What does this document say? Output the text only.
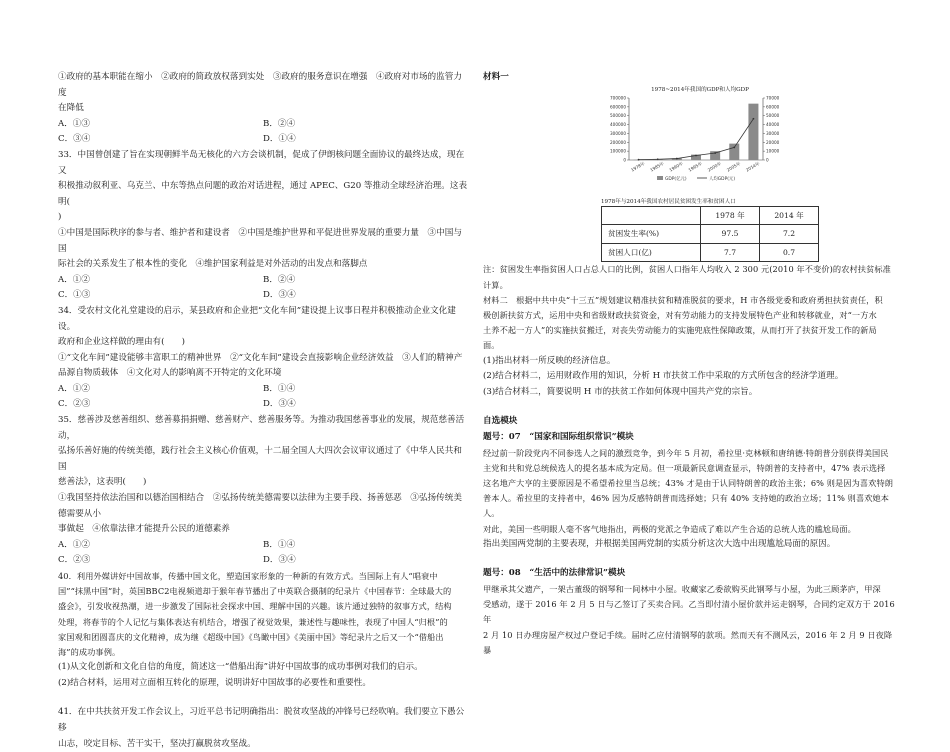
①政府的基本职能在缩小　②政府的简政放权落到实处　③政府的服务意识在增强　④政府对市场的监管力度

在降低

A．①③	B．②④
C．③④	D．①④

33．中国曾创建了旨在实现朝鲜半岛无核化的六方会谈机制，促成了伊朗核问题全面协议的最终达成，现在又

积极推动叙利亚、乌克兰、中东等热点问题的政治对话进程，通过 APEC、G20 等推动全球经济治理。这表明(

)

①中国是国际秩序的参与者、维护者和建设者　②中国是维护世界和平促进世界发展的重要力量　③中国与国

际社会的关系发生了根本性的变化　④维护国家利益是对外活动的出发点和落脚点

A．①②	B．②④
C．①③	D．③④

34．受农村文化礼堂建设的启示，某县政府和企业把“文化车间”建设提上议事日程并积极推动企业文化建设。

政府和企业这样做的理由有(　　)

①“文化车间”建设能够丰富职工的精神世界　②“文化车间”建设会直接影响企业经济效益　③人们的精神产

品源自物质载体　④文化对人的影响离不开特定的文化环境

A．①②	B．①④
C．②③	D．③④

35．慈善涉及慈善组织、慈善募捐捐赠、慈善财产、慈善服务等。为推动我国慈善事业的发展，规范慈善活动，

弘扬乐善好施的传统美德，践行社会主义核心价值观，十二届全国人大四次会议审议通过了《中华人民共和国

慈善法》，这表明(　　)

①我国坚持依法治国和以德治国相结合　②弘扬传统美德需要以法律为主要手段、扬善惩恶　③弘扬传统美德需要从小

事做起　④依靠法律才能提升公民的道德素养

A．①②	B．①④
C．②③	D．③④

40．利用外媒讲好中国故事，传播中国文化，塑造国家形象的一种新的有效方式。当国际上有人“唱衰中

国”“抹黑中国”时，英国BBC2电视频道却于猴年春节播出了中英联合摄制的纪录片《中国春节：全球最大的

盛会》，引发收视热潮，进一步激发了国际社会探求中国、理解中国的兴趣。该片通过独特的叙事方式，结构

处理，将春节的个人记忆与集体表达有机结合，增强了视觉效果，兼述性与趣味性，表现了中国人“归根”的

家国观和团圆喜庆的文化精神，成为继《超级中国》《鸟瞰中国》《美丽中国》等纪录片之后又一个“借船出

海”的成功事例。

(1)从文化创新和文化自信的角度，简述这一“借船出海”讲好中国故事的成功事例对我们的启示。

(2)结合材料，运用对立面相互转化的原理，说明讲好中国故事的必要性和重要性。

41．在中共扶贫开发工作会议上，习近平总书记明确指出：脱贫攻坚战的冲锋号已经吹响。我们要立下愚公移

山志，咬定目标、苦干实干，坚决打赢脱贫攻坚战。

材料一

1978~2014年我国的GDP和人均GDP
0
100000
200000
300000
400000
500000
600000
700000
0
10000
20000
30000
40000
50000
60000
70000
1978年 1985年 1990年 1995年 2000年 2005年 2014年
GDP(亿元)	人均GDP(元)
1978年与2014年我国农村居民贫困发生率和贫困人口
	1978 年	2014 年
贫困发生率(%)	97.5	7.2
贫困人口(亿)	7.7	0.7

注：贫困发生率指贫困人口占总人口的比例，贫困人口指年人均收入 2 300 元(2010 年不变价)的农村扶贫标准

计算。

材料二　根据中共中央“十三五”规划建议精准扶贫和精准脱贫的要求，H 市各级党委和政府勇担扶贫责任，积

极创新扶贫方式，运用中央和省级财政扶贫资金，对有劳动能力的支持发展特色产业和转移就业，对“一方水

土养不起一方人”的实施扶贫搬迁，对丧失劳动能力的实施兜底性保障政策，从而打开了扶贫开发工作的新局

面。

(1)指出材料一所反映的经济信息。

(2)结合材料二，运用财政作用的知识，分析 H 市扶贫工作中采取的方式所包含的经济学道理。

(3)结合材料二，简要说明 H 市的扶贫工作如何体现中国共产党的宗旨。

自选模块

题号：07　“国家和国际组织常识”模块

经过前一阶段党内不同参选人之间的激烈竞争，到今年 5 月初，希拉里·克林顿和唐纳德·特朗普分别获得美国民

主党和共和党总统候选人的提名基本成为定局。但一项最新民意调查显示，特朗普的支持者中，47% 表示选择

这名地产大亨的主要原因是不希望希拉里当总统；43% 才是由于认同特朗普的政治主张；6% 则是因为喜欢特朗

普本人。希拉里的支持者中，46% 因为反感特朗普而选择她；只有 40% 支持她的政治立场；11% 则喜欢她本人。

对此，美国一些明眼人毫不客气地指出，两极的党派之争造成了难以产生合适的总统人选的尴尬局面。

指出美国两党制的主要表现，并根据美国两党制的实质分析这次大选中出现尴尬局面的原因。

题号：08　“生活中的法律常识”模块

甲继承其父遗产，一架古董级的钢琴和一间林中小屋。收藏家乙委欲购买此钢琴与小屋，为此三顾茅庐，甲深

受感动，遂于 2016 年 2 月 5 日与乙签订了买卖合同。乙当即付清小屋价款并运走钢琴，合同约定双方于 2016 年

2 月 10 日办理房屋产权过户登记手续。届时乙应付清钢琴的款项。然而天有不测风云，2016 年 2 月 9 日夜降暴
